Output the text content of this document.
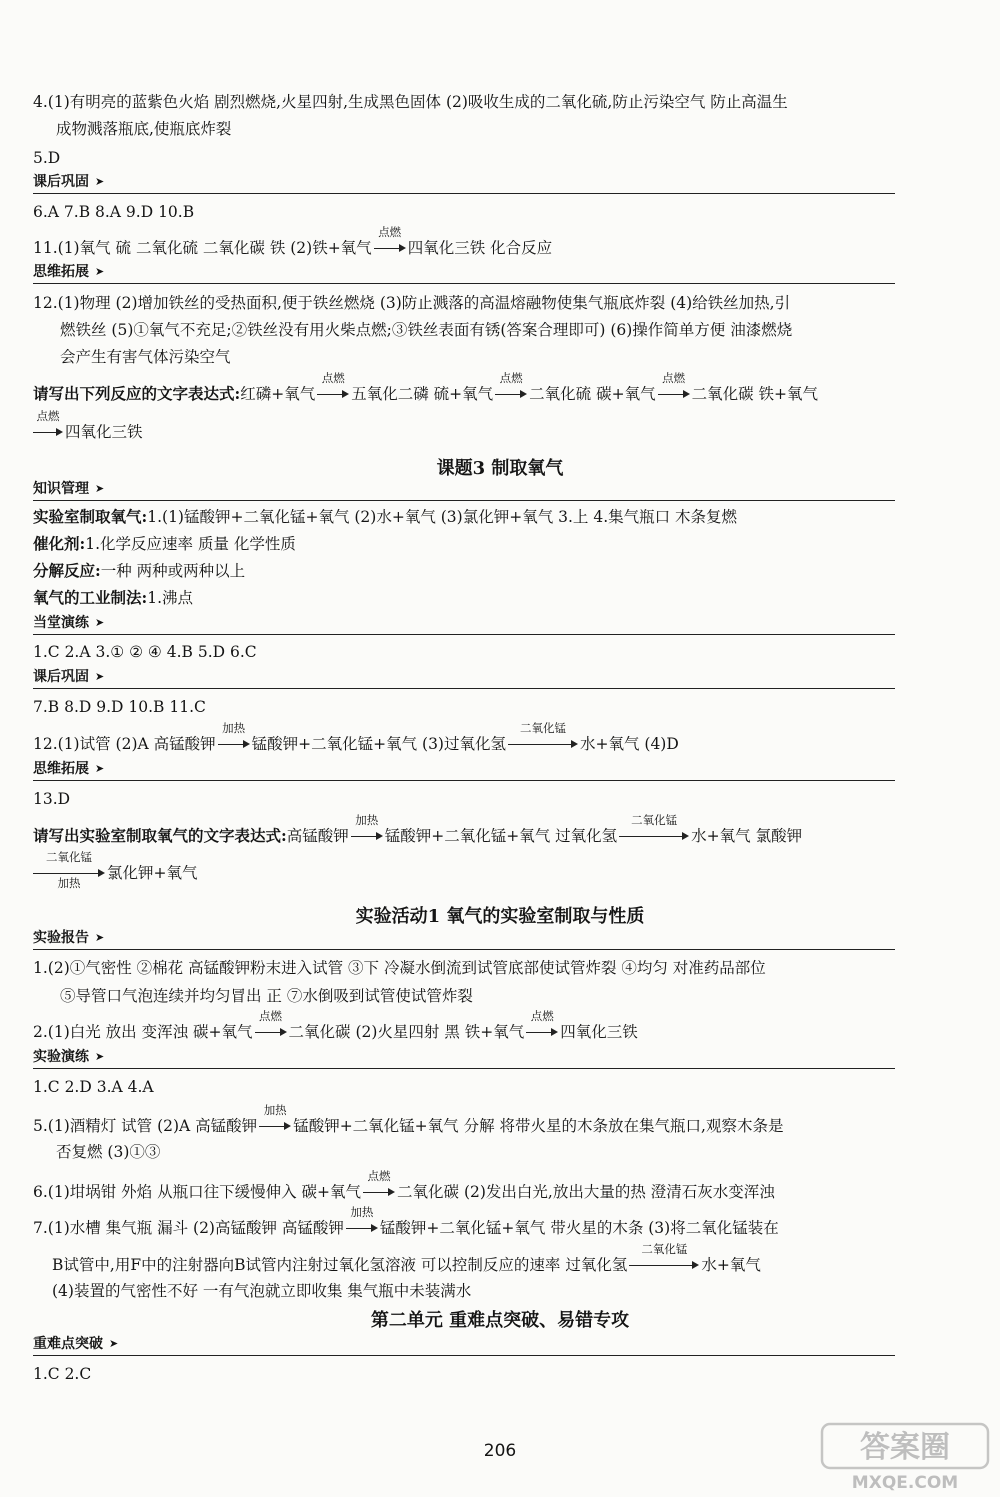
4.(1)有明亮的蓝紫色火焰 剧烈燃烧,火星四射,生成黑色固体 (2)吸收生成的二氧化硫,防止污染空气 防止高温生
成物溅落瓶底,使瓶底炸裂
5.D
课后巩固 ➤
6.A 7.B 8.A 9.D 10.B
11.(1)氧气 硫 二氧化硫 二氧化碳 铁 (2)铁+氧气
点燃
四氧化三铁 化合反应
思维拓展 ➤
12.(1)物理 (2)增加铁丝的受热面积,便于铁丝燃烧 (3)防止溅落的高温熔融物使集气瓶底炸裂 (4)给铁丝加热,引
燃铁丝 (5)①氧气不充足;②铁丝没有用火柴点燃;③铁丝表面有锈(答案合理即可) (6)操作简单方便 油漆燃烧
会产生有害气体污染空气
请写出下列反应的文字表达式:红磷+氧气
点燃
五氧化二磷 硫+氧气
点燃
二氧化硫 碳+氧气
点燃
二氧化碳 铁+氧气
点燃
四氧化三铁
课题3 制取氧气
知识管理 ➤
实验室制取氧气:1.(1)锰酸钾+二氧化锰+氧气 (2)水+氧气 (3)氯化钾+氧气 3.上 4.集气瓶口 木条复燃
催化剂:1.化学反应速率 质量 化学性质
分解反应:一种 两种或两种以上
氧气的工业制法:1.沸点
当堂演练 ➤
1.C 2.A 3.① ② ④ 4.B 5.D 6.C
课后巩固 ➤
7.B 8.D 9.D 10.B 11.C
12.(1)试管 (2)A 高锰酸钾
加热
锰酸钾+二氧化锰+氧气 (3)过氧化氢
二氧化锰
水+氧气 (4)D
思维拓展 ➤
13.D
请写出实验室制取氧气的文字表达式:高锰酸钾
加热
锰酸钾+二氧化锰+氧气 过氧化氢
二氧化锰
水+氧气 氯酸钾
二氧化锰
加热
氯化钾+氧气
实验活动1 氧气的实验室制取与性质
实验报告 ➤
1.(2)①气密性 ②棉花 高锰酸钾粉末进入试管 ③下 冷凝水倒流到试管底部使试管炸裂 ④均匀 对准药品部位
⑤导管口气泡连续并均匀冒出 正 ⑦水倒吸到试管使试管炸裂
2.(1)白光 放出 变浑浊 碳+氧气
点燃
二氧化碳 (2)火星四射 黑 铁+氧气
点燃
四氧化三铁
实验演练 ➤
1.C 2.D 3.A 4.A
5.(1)酒精灯 试管 (2)A 高锰酸钾
加热
锰酸钾+二氧化锰+氧气 分解 将带火星的木条放在集气瓶口,观察木条是
否复燃 (3)①③
6.(1)坩埚钳 外焰 从瓶口往下缓慢伸入 碳+氧气
点燃
二氧化碳 (2)发出白光,放出大量的热 澄清石灰水变浑浊
7.(1)水槽 集气瓶 漏斗 (2)高锰酸钾 高锰酸钾
加热
锰酸钾+二氧化锰+氧气 带火星的木条 (3)将二氧化锰装在
B试管中,用F中的注射器向B试管内注射过氧化氢溶液 可以控制反应的速率 过氧化氢
二氧化锰
水+氧气
(4)装置的气密性不好 一有气泡就立即收集 集气瓶中未装满水
第二单元 重难点突破、易错专攻
重难点突破 ➤
1.C 2.C
206	答案圈
MXQE.COM
